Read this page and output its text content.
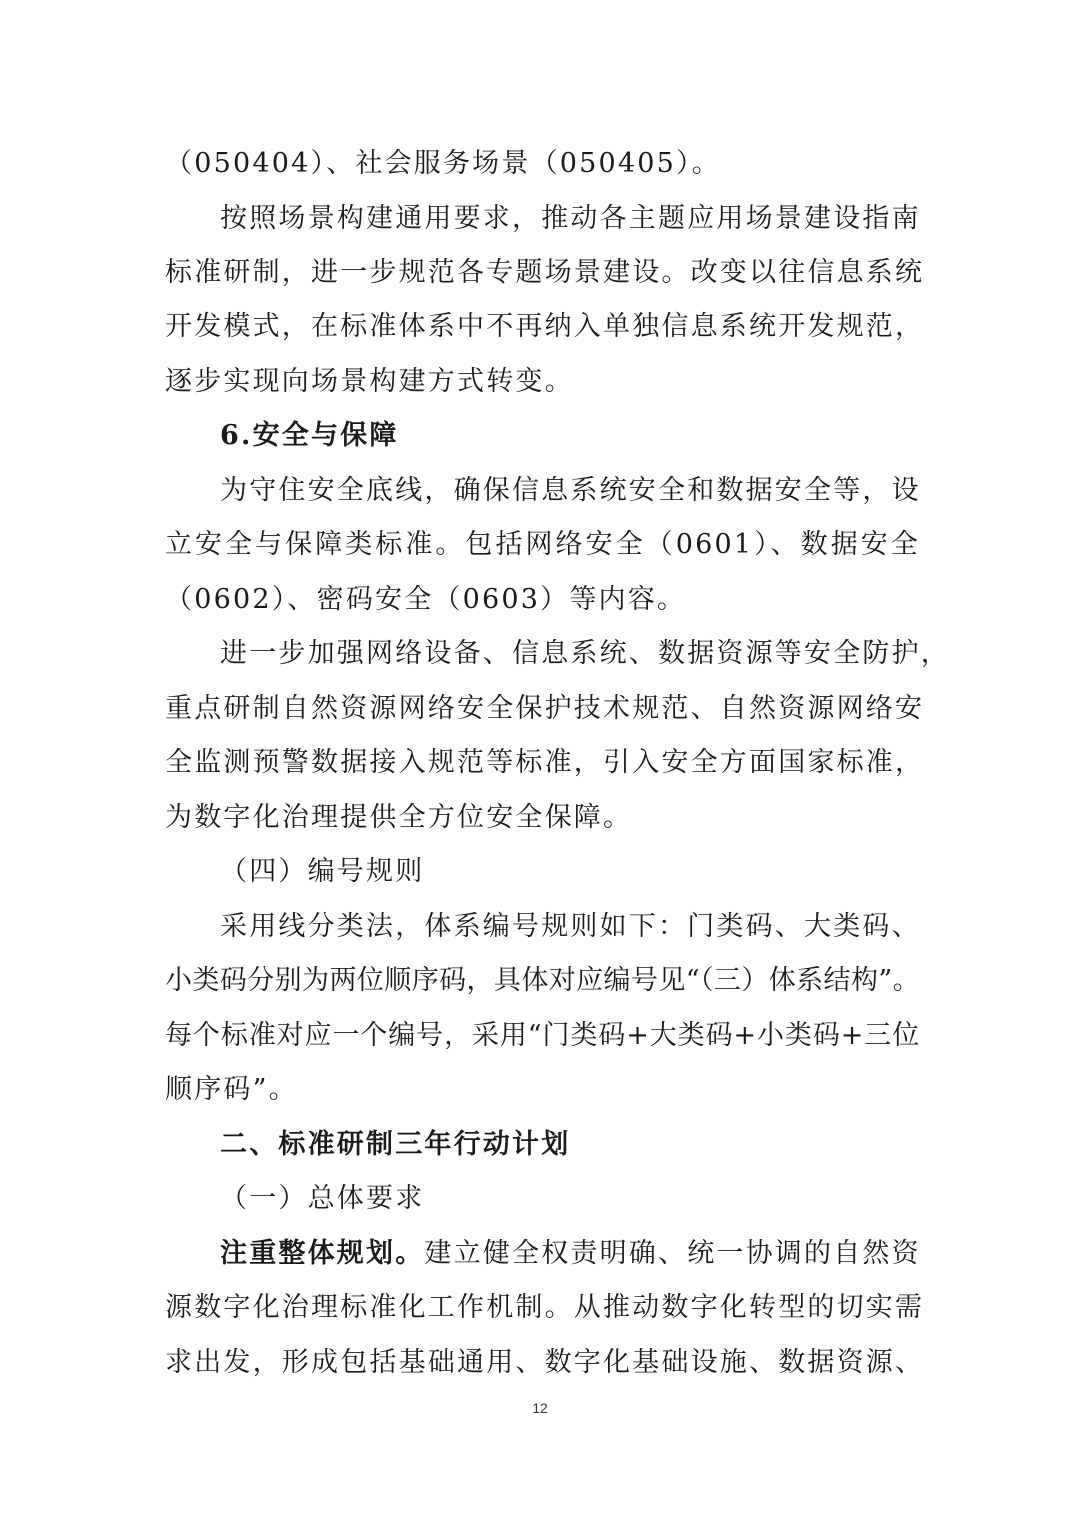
（050404）、社会服务场景（050405）。
按照场景构建通用要求，推动各主题应用场景建设指南
标准研制，进一步规范各专题场景建设。改变以往信息系统
开发模式，在标准体系中不再纳入单独信息系统开发规范，
逐步实现向场景构建方式转变。
6.安全与保障
为守住安全底线，确保信息系统安全和数据安全等，设
立安全与保障类标准。包括网络安全（0601）、数据安全
（0602）、密码安全（0603）等内容。
进一步加强网络设备、信息系统、数据资源等安全防护，
重点研制自然资源网络安全保护技术规范、自然资源网络安
全监测预警数据接入规范等标准，引入安全方面国家标准，
为数字化治理提供全方位安全保障。
（四）编号规则
采用线分类法，体系编号规则如下：门类码、大类码、
小类码分别为两位顺序码，具体对应编号见“（三）体系结构”。
每个标准对应一个编号，采用“门类码+大类码+小类码+三位
顺序码”。
二、标准研制三年行动计划
（一）总体要求
注重整体规划。建立健全权责明确、统一协调的自然资
源数字化治理标准化工作机制。从推动数字化转型的切实需
求出发，形成包括基础通用、数字化基础设施、数据资源、
12
